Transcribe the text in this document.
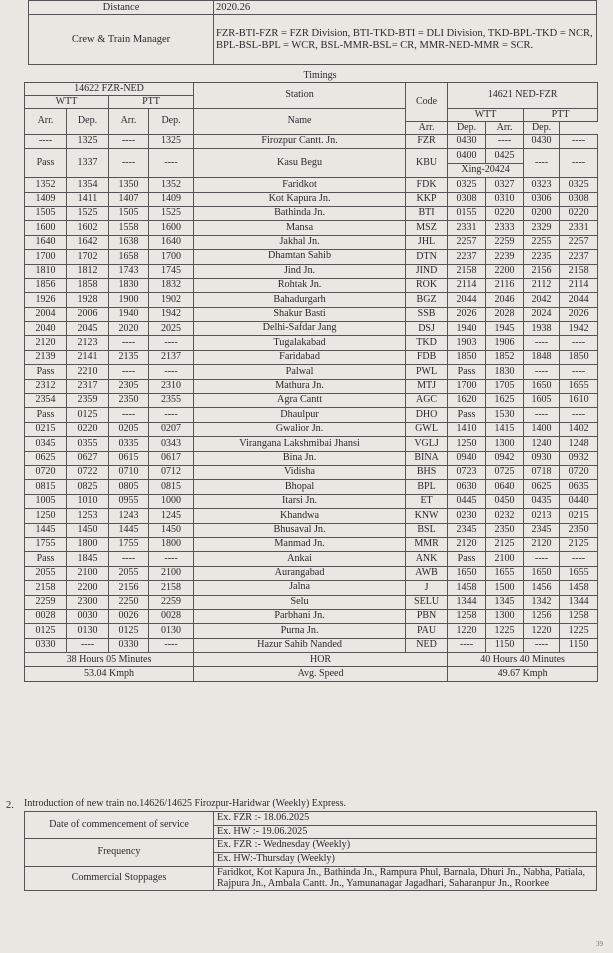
Distance	2020.26
Crew & Train Manager	FZR-BTI-FZR = FZR Division, BTI-TKD-BTI = DLI Division, TKD-BPL-TKD = NCR, BPL-BSL-BPL = WCR, BSL-MMR-BSL= CR, MMR-NED-MMR = SCR.
Timings
14622 FZR-NED				Station	Code	14621 NED-FZR			
WTT		PTT							
Arr.	Dep.	Arr.	Dep.	Name		WTT		PTT	
					Arr.	Dep.	Arr.	Dep.	
----	1325	----	1325	Firozpur Cantt. Jn.	FZR	0430	----	0430	----
Pass	1337	----	----	Kasu Begu	KBU	0400	0425	----	----
						Xing-20424			
1352	1354	1350	1352	Faridkot	FDK	0325	0327	0323	0325
1409	1411	1407	1409	Kot Kapura Jn.	KKP	0308	0310	0306	0308
1505	1525	1505	1525	Bathinda Jn.	BTI	0155	0220	0200	0220
1600	1602	1558	1600	Mansa	MSZ	2331	2333	2329	2331
1640	1642	1638	1640	Jakhal Jn.	JHL	2257	2259	2255	2257
1700	1702	1658	1700	Dhamtan Sahib	DTN	2237	2239	2235	2237
1810	1812	1743	1745	Jind Jn.	JIND	2158	2200	2156	2158
1856	1858	1830	1832	Rohtak Jn.	ROK	2114	2116	2112	2114
1926	1928	1900	1902	Bahadurgarh	BGZ	2044	2046	2042	2044
2004	2006	1940	1942	Shakur Basti	SSB	2026	2028	2024	2026
2040	2045	2020	2025	Delhi-Safdar Jang	DSJ	1940	1945	1938	1942
2120	2123	----	----	Tugalakabad	TKD	1903	1906	----	----
2139	2141	2135	2137	Faridabad	FDB	1850	1852	1848	1850
Pass	2210	----	----	Palwal	PWL	Pass	1830	----	----
2312	2317	2305	2310	Mathura Jn.	MTJ	1700	1705	1650	1655
2354	2359	2350	2355	Agra Cantt	AGC	1620	1625	1605	1610
Pass	0125	----	----	Dhaulpur	DHO	Pass	1530	----	----
0215	0220	0205	0207	Gwalior Jn.	GWL	1410	1415	1400	1402
0345	0355	0335	0343	Virangana Lakshmibai Jhansi	VGLJ	1250	1300	1240	1248
0625	0627	0615	0617	Bina Jn.	BINA	0940	0942	0930	0932
0720	0722	0710	0712	Vidisha	BHS	0723	0725	0718	0720
0815	0825	0805	0815	Bhopal	BPL	0630	0640	0625	0635
1005	1010	0955	1000	Itarsi Jn.	ET	0445	0450	0435	0440
1250	1253	1243	1245	Khandwa	KNW	0230	0232	0213	0215
1445	1450	1445	1450	Bhusaval Jn.	BSL	2345	2350	2345	2350
1755	1800	1755	1800	Manmad Jn.	MMR	2120	2125	2120	2125
Pass	1845	----	----	Ankai	ANK	Pass	2100	----	----
2055	2100	2055	2100	Aurangabad	AWB	1650	1655	1650	1655
2158	2200	2156	2158	Jalna	J	1458	1500	1456	1458
2259	2300	2250	2259	Selu	SELU	1344	1345	1342	1344
0028	0030	0026	0028	Parbhani Jn.	PBN	1258	1300	1256	1258
0125	0130	0125	0130	Purna Jn.	PAU	1220	1225	1220	1225
0330	----	0330	----	Hazur Sahib Nanded	NED	----	1150	----	1150
38 Hours 05 Minutes				HOR		40 Hours 40 Minutes			
53.04 Kmph				Avg. Speed		49.67 Kmph			
2. Introduction of new train no.14626/14625 Firozpur-Haridwar (Weekly) Express.
Date of commencement of service	Ex. FZR :- 18.06.2025
	Ex. HW :- 19.06.2025
Frequency	Ex. FZR :- Wednesday (Weekly)
	Ex. HW:-Thursday (Weekly)
Commercial Stoppages	Faridkot, Kot Kapura Jn., Bathinda Jn., Rampura Phul, Barnala, Dhuri Jn., Nabha, Patiala, Rajpura Jn., Ambala Cantt. Jn., Yamunanagar Jagadhari, Saharanpur Jn., Roorkee
39
